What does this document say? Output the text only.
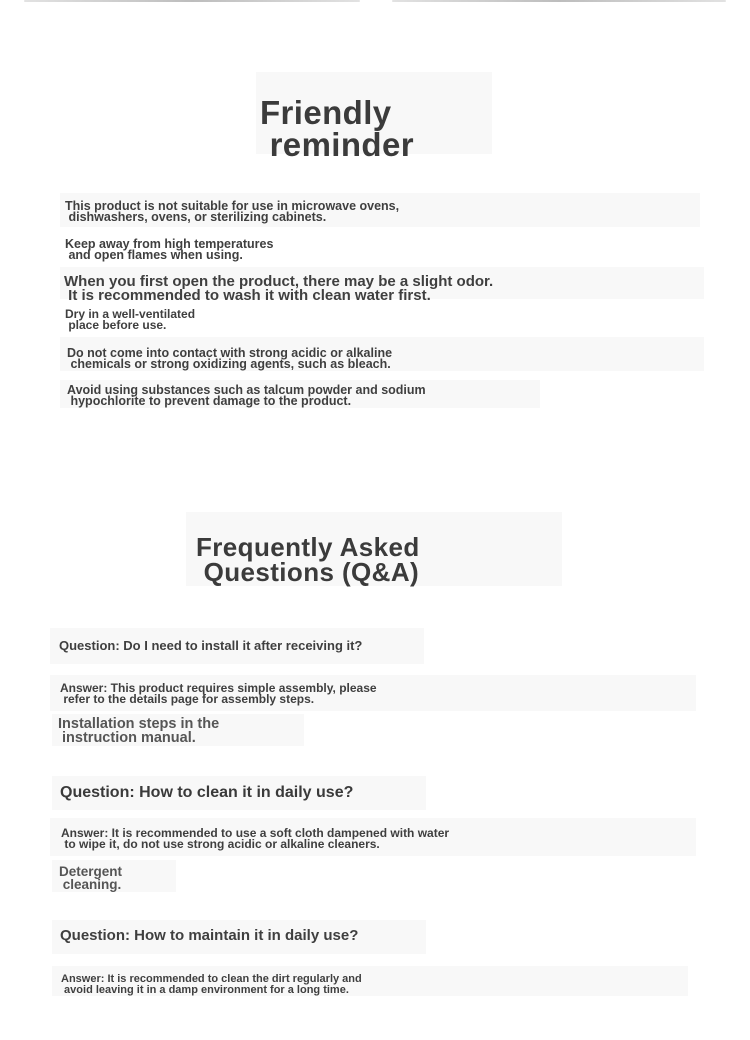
Friendly
reminder

This product is not suitable for use in microwave ovens,
dishwashers, ovens, or sterilizing cabinets.

Keep away from high temperatures
and open flames when using.

When you first open the product, there may be a slight odor.
It is recommended to wash it with clean water first.

Dry in a well-ventilated
place before use.

Do not come into contact with strong acidic or alkaline
chemicals or strong oxidizing agents, such as bleach.

Avoid using substances such as talcum powder and sodium
hypochlorite to prevent damage to the product.

Frequently Asked
Questions (Q&A)

Question: Do I need to install it after receiving it?

Answer: This product requires simple assembly, please
refer to the details page for assembly steps.

Installation steps in the
instruction manual.

Question: How to clean it in daily use?

Answer: It is recommended to use a soft cloth dampened with water
to wipe it, do not use strong acidic or alkaline cleaners.

Detergent
cleaning.

Question: How to maintain it in daily use?

Answer: It is recommended to clean the dirt regularly and
avoid leaving it in a damp environment for a long time.
